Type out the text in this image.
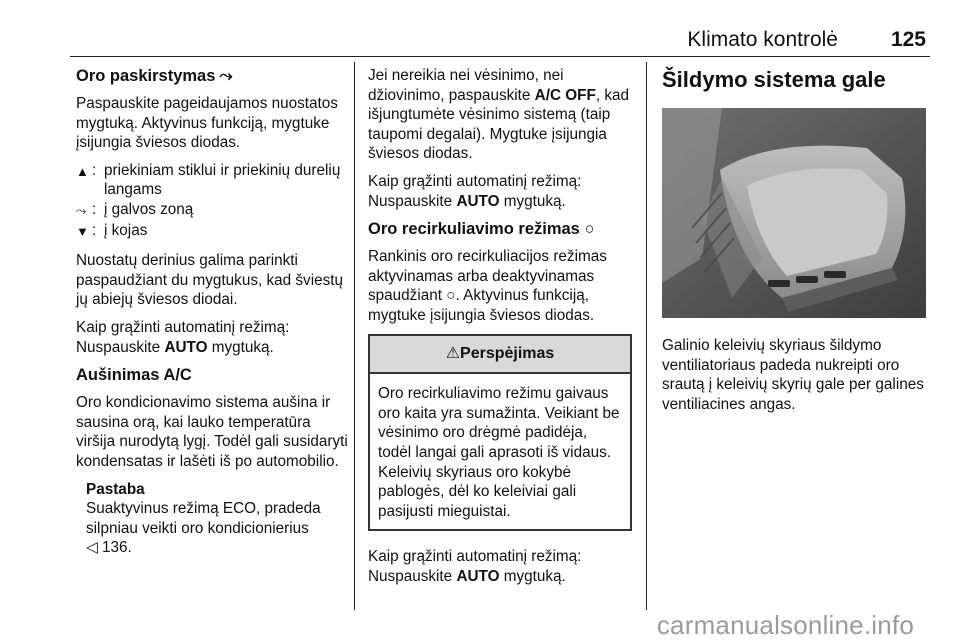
Klimato kontrolė	125
Oro paskirstymas ⤳

Paspauskite pageidaujamos nuostatos mygtuką. Aktyvinus funkciją, mygtuke įsijungia šviesos diodas.

▲ : priekiniam stiklui ir priekinių durelių langams
⤳ : į galvos zoną
▼ : į kojas

Nuostatų derinius galima parinkti paspaudžiant du mygtukus, kad šviestų jų abiejų šviesos diodai.

Kaip grąžinti automatinį režimą: Nuspauskite AUTO mygtuką.

Aušinimas A/C

Oro kondicionavimo sistema aušina ir sausina orą, kai lauko temperatūra viršija nurodytą lygį. Todėl gali susidaryti kondensatas ir lašėti iš po automobilio.

Pastaba
Suaktyvinus režimą ECO, pradeda silpniau veikti oro kondicionierius
◁ 136.

Jei nereikia nei vėsinimo, nei džiovinimo, paspauskite A/C OFF, kad išjungtumėte vėsinimo sistemą (taip taupomi degalai). Mygtuke įsijungia šviesos diodas.

Kaip grąžinti automatinį režimą: Nuspauskite AUTO mygtuką.

Oro recirkuliavimo režimas ○

Rankinis oro recirkuliacijos režimas aktyvinamas arba deaktyvinamas spaudžiant ○. Aktyvinus funkciją, mygtuke įsijungia šviesos diodas.

⚠Perspėjimas
Oro recirkuliavimo režimu gaivaus oro kaita yra sumažinta. Veikiant be vėsinimo oro drėgmė padidėja, todėl langai gali aprasoti iš vidaus. Keleivių skyriaus oro kokybė pablogės, dėl ko keleiviai gali pasijusti mieguistai.

Kaip grąžinti automatinį režimą: Nuspauskite AUTO mygtuką.

Šildymo sistema gale

Galinio keleivių skyriaus šildymo ventiliatoriaus padeda nukreipti oro srautą į keleivių skyrių gale per galines ventiliacines angas.

carmanualsonline.info
